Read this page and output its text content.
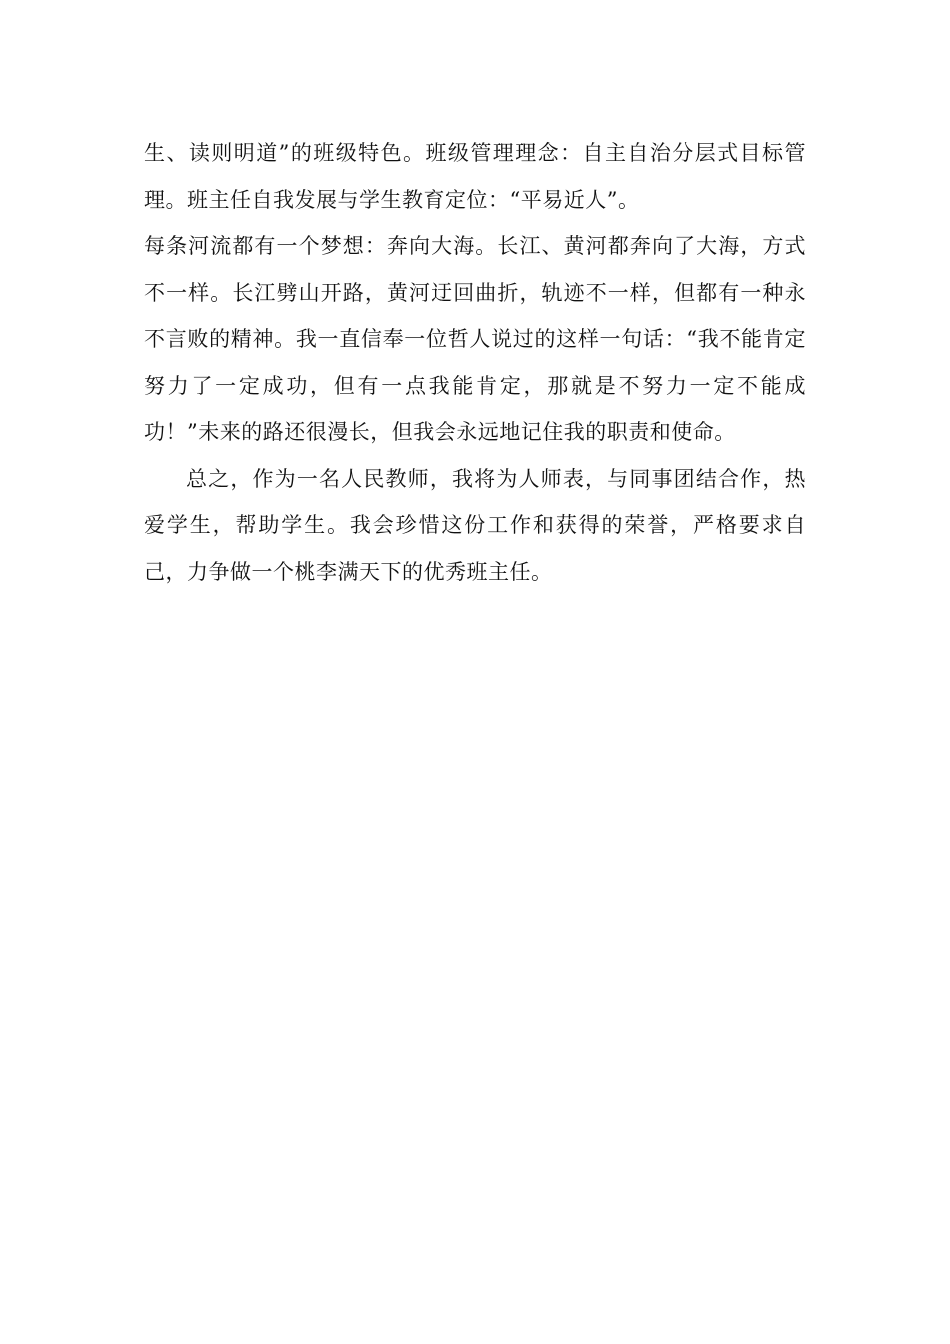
生、读则明道”的班级特色。班级管理理念：自主自治分层式目标管理。班主任自我发展与学生教育定位：“平易近人”。

每条河流都有一个梦想：奔向大海。长江、黄河都奔向了大海，方式不一样。长江劈山开路，黄河迂回曲折，轨迹不一样，但都有一种永不言败的精神。我一直信奉一位哲人说过的这样一句话：“我不能肯定努力了一定成功，但有一点我能肯定，那就是不努力一定不能成功！”未来的路还很漫长，但我会永远地记住我的职责和使命。

总之，作为一名人民教师，我将为人师表，与同事团结合作，热爱学生，帮助学生。我会珍惜这份工作和获得的荣誉，严格要求自己，力争做一个桃李满天下的优秀班主任。
